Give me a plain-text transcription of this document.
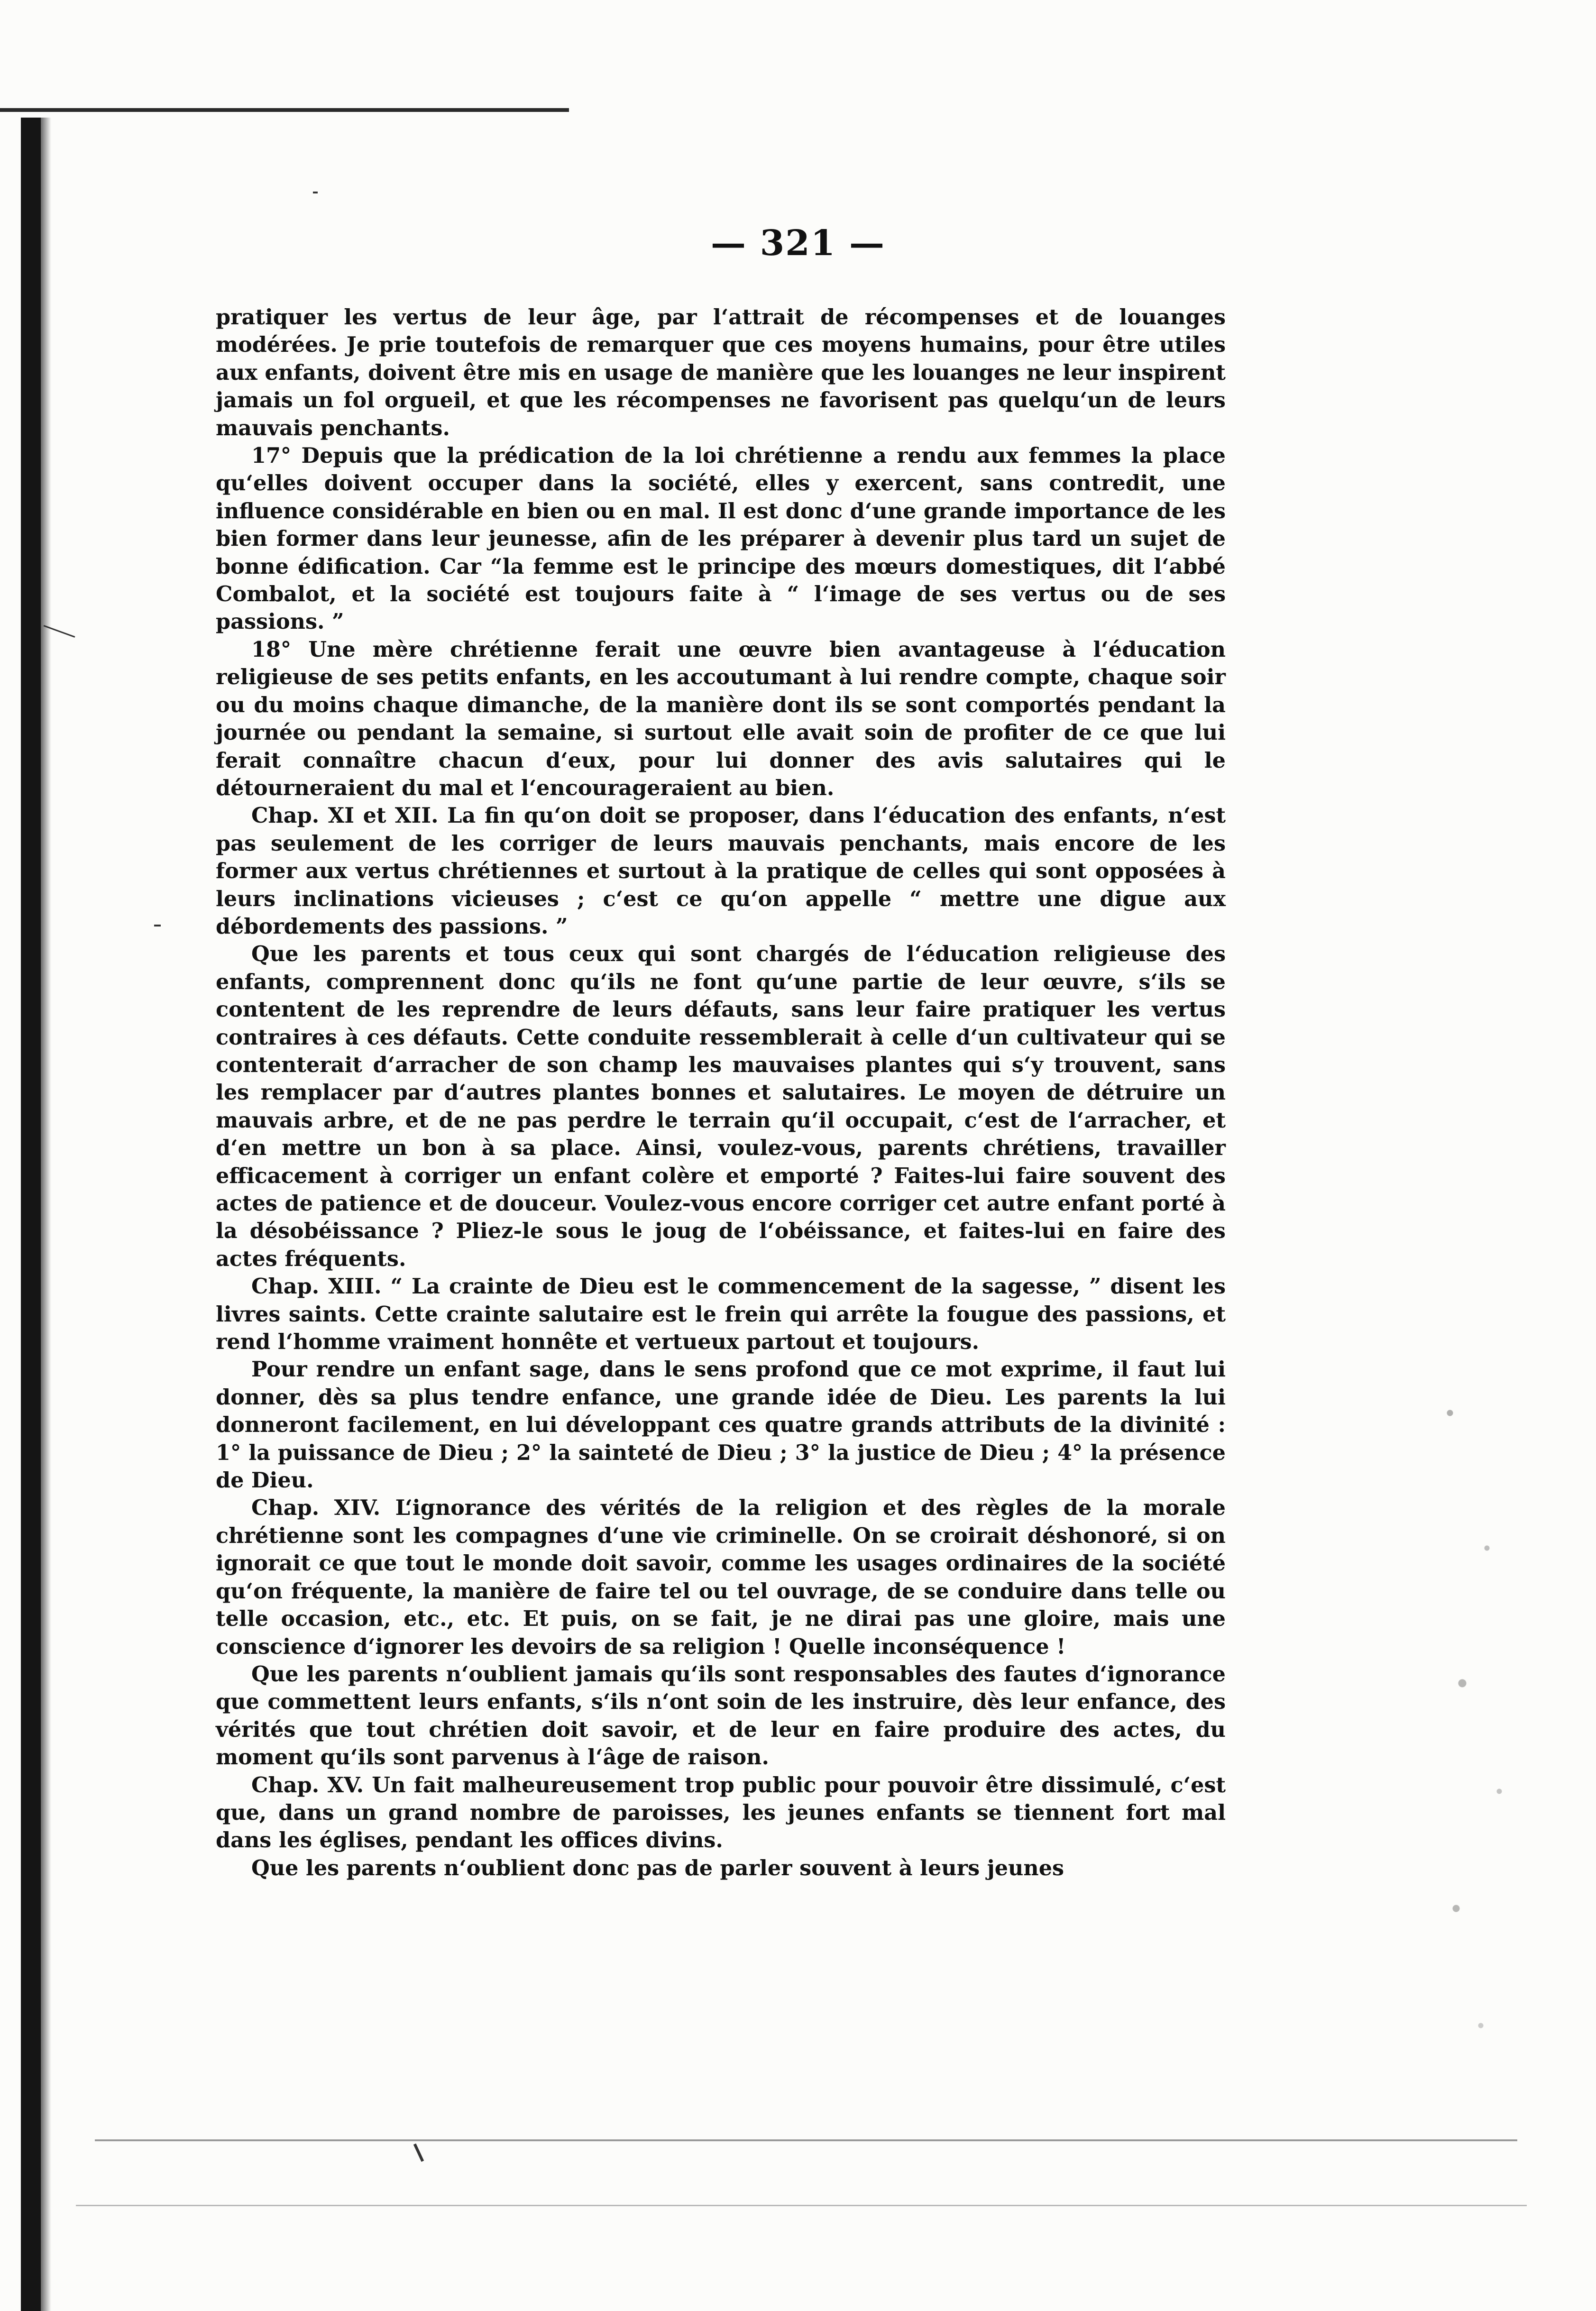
— 321 —

pratiquer les vertus de leur âge, par l‘attrait de récompenses et de louanges modérées. Je prie toutefois de remarquer que ces moyens humains, pour être utiles aux enfants, doivent être mis en usage de manière que les louanges ne leur inspirent jamais un fol orgueil, et que les récompenses ne favorisent pas quelqu‘un de leurs mauvais penchants.

17° Depuis que la prédication de la loi chrétienne a rendu aux femmes la place qu‘elles doivent occuper dans la société, elles y exercent, sans contredit, une influence considérable en bien ou en mal. Il est donc d‘une grande importance de les bien former dans leur jeunesse, afin de les préparer à devenir plus tard un sujet de bonne édification. Car “la femme est le principe des mœurs domestiques, dit l‘abbé Combalot, et la société est toujours faite à “ l‘image de ses vertus ou de ses passions. ”

18° Une mère chrétienne ferait une œuvre bien avantageuse à l‘éducation religieuse de ses petits enfants, en les accoutumant à lui rendre compte, chaque soir ou du moins chaque dimanche, de la manière dont ils se sont comportés pendant la journée ou pendant la semaine, si surtout elle avait soin de profiter de ce que lui ferait connaître chacun d‘eux, pour lui donner des avis salutaires qui le détourneraient du mal et l‘encourageraient au bien.

Chap. XI et XII. La fin qu‘on doit se proposer, dans l‘éducation des enfants, n‘est pas seulement de les corriger de leurs mauvais penchants, mais encore de les former aux vertus chrétiennes et surtout à la pratique de celles qui sont opposées à leurs inclinations vicieuses ; c‘est ce qu‘on appelle “ mettre une digue aux débordements des passions. ”

Que les parents et tous ceux qui sont chargés de l‘éducation religieuse des enfants, comprennent donc qu‘ils ne font qu‘une partie de leur œuvre, s‘ils se contentent de les reprendre de leurs défauts, sans leur faire pratiquer les vertus contraires à ces défauts. Cette conduite ressemblerait à celle d‘un cultivateur qui se contenterait d‘arracher de son champ les mauvaises plantes qui s‘y trouvent, sans les remplacer par d‘autres plantes bonnes et salutaires. Le moyen de détruire un mauvais arbre, et de ne pas perdre le terrain qu‘il occupait, c‘est de l‘arracher, et d‘en mettre un bon à sa place. Ainsi, voulez-vous, parents chrétiens, travailler efficacement à corriger un enfant colère et emporté ? Faites-lui faire souvent des actes de patience et de douceur. Voulez-vous encore corriger cet autre enfant porté à la désobéissance ? Pliez-le sous le joug de l‘obéissance, et faites-lui en faire des actes fréquents.

Chap. XIII. “ La crainte de Dieu est le commencement de la sagesse, ” disent les livres saints. Cette crainte salutaire est le frein qui arrête la fougue des passions, et rend l‘homme vraiment honnête et vertueux partout et toujours.

Pour rendre un enfant sage, dans le sens profond que ce mot exprime, il faut lui donner, dès sa plus tendre enfance, une grande idée de Dieu. Les parents la lui donneront facilement, en lui développant ces quatre grands attributs de la divinité : 1° la puissance de Dieu ; 2° la sainteté de Dieu ; 3° la justice de Dieu ; 4° la présence de Dieu.

Chap. XIV. L‘ignorance des vérités de la religion et des règles de la morale chrétienne sont les compagnes d‘une vie criminelle. On se croirait déshonoré, si on ignorait ce que tout le monde doit savoir, comme les usages ordinaires de la société qu‘on fréquente, la manière de faire tel ou tel ouvrage, de se conduire dans telle ou telle occasion, etc., etc. Et puis, on se fait, je ne dirai pas une gloire, mais une conscience d‘ignorer les devoirs de sa religion ! Quelle inconséquence !

Que les parents n‘oublient jamais qu‘ils sont responsables des fautes d‘ignorance que commettent leurs enfants, s‘ils n‘ont soin de les instruire, dès leur enfance, des vérités que tout chrétien doit savoir, et de leur en faire produire des actes, du moment qu‘ils sont parvenus à l‘âge de raison.

Chap. XV. Un fait malheureusement trop public pour pouvoir être dissimulé, c‘est que, dans un grand nombre de paroisses, les jeunes enfants se tiennent fort mal dans les églises, pendant les offices divins.

Que les parents n‘oublient donc pas de parler souvent à leurs jeunes
